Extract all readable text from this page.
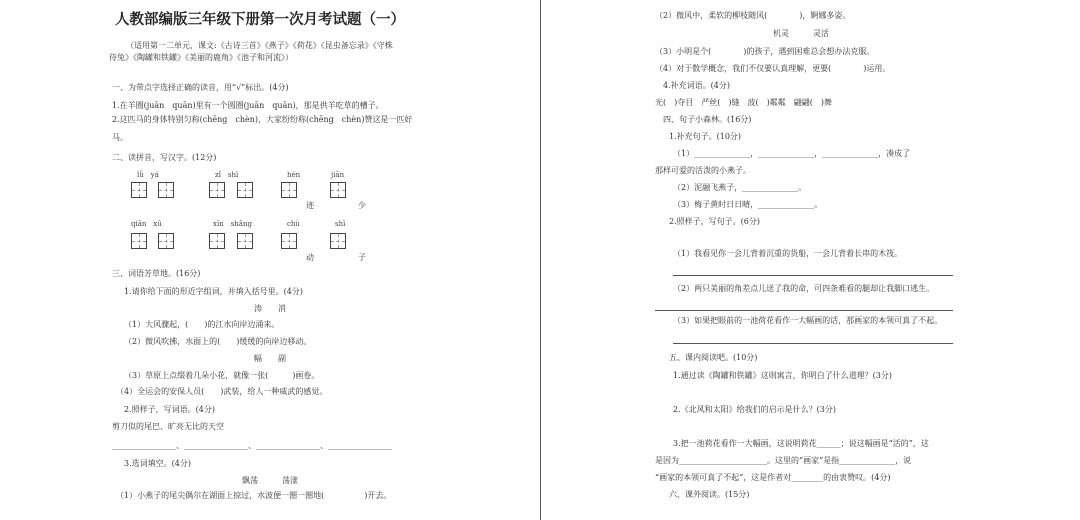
人教部编版三年级下册第一次月考试题（一）
（适用第一二单元，课文:《古诗三首》《燕子》《荷花》《昆虫备忘录》《守株
待兔》《陶罐和铁罐》《美丽的鹿角》《池子和河流》）
一、为带点字选择正确的读音，用“√”标出。(4分)
1.在羊圈(juān　quān)里有一个圆圈(juān　quān)，那是供羊吃草的槽子。
2.这匹马的身体特别匀称(chēng　chèn)，大家纷纷称(chēng　chèn)赞这是一匹好
马。
二、读拼音，写汉字。(12分)
lǜ　yá	zǐ　shì	hén	jiān
迹	少
qiān　xū	xīn　shǎng	chù	shī
动	子
三、词语芳草地。(16分)
1.请你给下面的形近字组词，并填入括号里。(4分)
涛　　消
（1）大风骤起，(　　)的江水向岸边涌来。
（2）微风吹拂，水面上的(　　)缓缓的向岸边移动。
幅　　副
（3）草原上点缀着几朵小花，就像一张(　　　)画卷。
（4）全运会的安保人员(　　)武装，给人一种威武的感觉。
2.照样子，写词语。(4分)
剪刀似的尾巴、旷亮无比的天空
________________、________________、________________、________________
3.选词填空。(4分)
飘荡　　　荡漾
（1）小燕子的尾尖偶尔在湖面上掠过，水波便一圈一圈地(　　　　　)开去。
（2）微风中，柔软的柳枝随风(　　　　)，婀娜多姿。
机灵　　　灵活
（3）小明是个(　　　　)的孩子，遇到困难总会想办法克服。
（4）对于数学概念，我们不仅要认真理解，更要(　　　　)运用。
4.补充词语。(4分)
光(　)夺目　严丝(　)缝　波(　)粼粼　翩翩(　)舞
四、句子小森林。(16分)
1.补充句子。(10分)
（1）______________，______________，______________，凑成了
那样可爱的活泼的小燕子。
（2）泥融飞燕子，______________。
（3）梅子黄时日日晴，______________。
2.照样子，写句子。(6分)
（1）我看见你一会儿背着沉重的货船，一会儿背着长串的木筏。
（2）两只美丽的角差点儿送了我的命，可四条难看的腿却让我脚口逃生。
（3）如果把眼前的一池荷花看作一大幅画的话，那画家的本领可真了不起。
五、课内阅读吧。(10分)
1.通过读《陶罐和铁罐》这则寓言，你明白了什么道理？(3分)
2.《北风和太阳》给我们的启示是什么？(3分)
3.把一池荷花看作一大幅画，这说明荷花______；说这幅画是“活的”，这
是因为______________________。这里的“画家”是指______________，说
“画家的本领可真了不起”，这是作者对________的由衷赞叹。(4分)
六、课外阅读。(15分)
